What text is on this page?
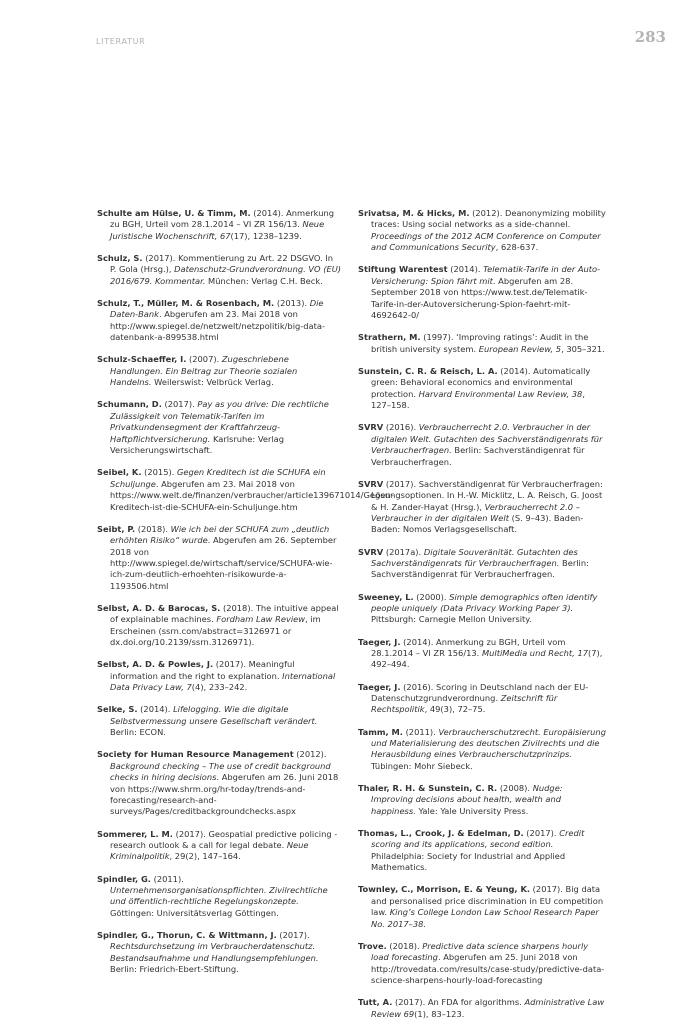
LITERATUR	283

Schulte am Hülse, U. & Timm, M. (2014). Anmerkung zu BGH, Urteil vom 28.1.2014 – VI ZR 156/13. Neue Juristische Wochenschrift, 67(17), 1238–1239.

Schulz, S. (2017). Kommentierung zu Art. 22 DSGVO. In P. Gola (Hrsg.), Datenschutz-Grundverordnung. VO (EU) 2016/679. Kommentar. München: Verlag C.H. Beck.

Schulz, T., Müller, M. & Rosenbach, M. (2013). Die Daten-Bank. Abgerufen am 23. Mai 2018 von http://www.spiegel.de/netzwelt/netzpolitik/big-data-datenbank-a-899538.html

Schulz-Schaeffer, I. (2007). Zugeschriebene Handlungen. Ein Beitrag zur Theorie sozialen Handelns. Weilerswist: Velbrück Verlag.

Schumann, D. (2017). Pay as you drive: Die rechtliche Zulässigkeit von Telematik-Tarifen im Privatkundensegment der Kraftfahrzeug-Haftpflichtversicherung. Karlsruhe: Verlag Versicherungswirtschaft.

Seibel, K. (2015). Gegen Kreditech ist die SCHUFA ein Schuljunge. Abgerufen am 23. Mai 2018 von https://www.welt.de/finanzen/verbraucher/article139671014/Gegen-Kreditech-ist-die-SCHUFA-ein-Schuljunge.htm

Seibt, P. (2018). Wie ich bei der SCHUFA zum „deutlich erhöhten Risiko“ wurde. Abgerufen am 26. September 2018 von http://www.spiegel.de/wirtschaft/service/SCHUFA-wie-ich-zum-deutlich-erhoehten-risikowurde-a-1193506.html

Selbst, A. D. & Barocas, S. (2018). The intuitive appeal of explainable machines. Fordham Law Review, im Erscheinen (ssrn.com/abstract=3126971 or dx.doi.org/10.2139/ssrn.3126971).

Selbst, A. D. & Powles, J. (2017). Meaningful information and the right to explanation. International Data Privacy Law, 7(4), 233–242.

Selke, S. (2014). Lifelogging. Wie die digitale Selbstvermessung unsere Gesellschaft verändert. Berlin: ECON.

Society for Human Resource Management (2012). Background checking – The use of credit background checks in hiring decisions. Abgerufen am 26. Juni 2018 von https://www.shrm.org/hr-today/trends-and-forecasting/research-and-surveys/Pages/creditbackgroundchecks.aspx

Sommerer, L. M. (2017). Geospatial predictive policing - research outlook & a call for legal debate. Neue Kriminalpolitik, 29(2), 147–164.

Spindler, G. (2011). Unternehmensorganisationspflichten. Zivilrechtliche und öffentlich-rechtliche Regelungskonzepte. Göttingen: Universitätsverlag Göttingen.

Spindler, G., Thorun, C. & Wittmann, J. (2017). Rechtsdurchsetzung im Verbraucherdatenschutz. Bestandsaufnahme und Handlungsempfehlungen. Berlin: Friedrich-Ebert-Stiftung.

Srivatsa, M. & Hicks, M. (2012). Deanonymizing mobility traces: Using social networks as a side-channel. Proceedings of the 2012 ACM Conference on Computer and Communications Security, 628-637.

Stiftung Warentest (2014). Telematik-Tarife in der Auto-Versicherung: Spion fährt mit. Abgerufen am 28. September 2018 von https://www.test.de/Telematik-Tarife-in-der-Autoversicherung-Spion-faehrt-mit-4692642-0/

Strathern, M. (1997). ‘Improving ratings’: Audit in the british university system. European Review, 5, 305–321.

Sunstein, C. R. & Reisch, L. A. (2014). Automatically green: Behavioral economics and environmental protection. Harvard Environmental Law Review, 38, 127–158.

SVRV (2016). Verbraucherrecht 2.0. Verbraucher in der digitalen Welt. Gutachten des Sachverständigenrats für Verbraucherfragen. Berlin: Sachverständigenrat für Verbraucherfragen.

SVRV (2017). Sachverständigenrat für Verbraucherfragen: Lösungsoptionen. In H.-W. Micklitz, L. A. Reisch, G. Joost & H. Zander-Hayat (Hrsg.), Verbraucherrecht 2.0 – Verbraucher in der digitalen Welt (S. 9–43). Baden-Baden: Nomos Verlagsgesellschaft.

SVRV (2017a). Digitale Souveränität. Gutachten des Sachverständigenrats für Verbraucherfragen. Berlin: Sachverständigenrat für Verbraucherfragen.

Sweeney, L. (2000). Simple demographics often identify people uniquely (Data Privacy Working Paper 3). Pittsburgh: Carnegie Mellon University.

Taeger, J. (2014). Anmerkung zu BGH, Urteil vom 28.1.2014 – VI ZR 156/13. MultiMedia und Recht, 17(7), 492–494.

Taeger, J. (2016). Scoring in Deutschland nach der EU-Datenschutzgrundverordnung. Zeitschrift für Rechtspolitik, 49(3), 72–75.

Tamm, M. (2011). Verbraucherschutzrecht. Europäisierung und Materialisierung des deutschen Zivilrechts und die Herausbildung eines Verbraucherschutzprinzips. Tübingen: Mohr Siebeck.

Thaler, R. H. & Sunstein, C. R. (2008). Nudge: Improving decisions about health, wealth and happiness. Yale: Yale University Press.

Thomas, L., Crook, J. & Edelman, D. (2017). Credit scoring and its applications, second edition. Philadelphia: Society for Industrial and Applied Mathematics.

Townley, C., Morrison, E. & Yeung, K. (2017). Big data and personalised price discrimination in EU competition law. King’s College London Law School Research Paper No. 2017–38.

Trove. (2018). Predictive data science sharpens hourly load forecasting. Abgerufen am 25. Juni 2018 von http://trovedata.com/results/case-study/predictive-data-science-sharpens-hourly-load-forecasting

Tutt, A. (2017). An FDA for algorithms. Administrative Law Review 69(1), 83–123.
